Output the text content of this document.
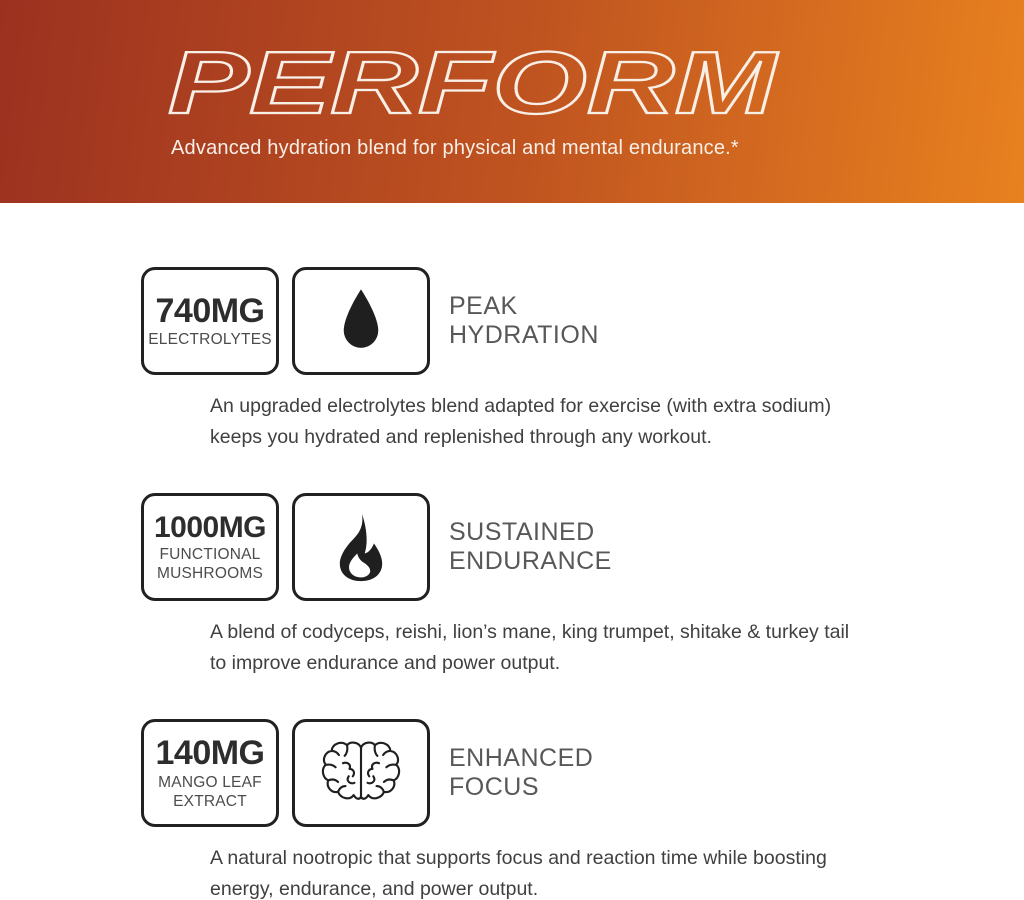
PERFORM

Advanced hydration blend for physical and mental endurance.*

740MG
ELECTROLYTES
PEAK
HYDRATION

An upgraded electrolytes blend adapted for exercise (with extra sodium) keeps you hydrated and replenished through any workout.

1000MG
FUNCTIONAL
MUSHROOMS
SUSTAINED
ENDURANCE

A blend of codyceps, reishi, lion’s mane, king trumpet, shitake & turkey tail to improve endurance and power output.

140MG
MANGO LEAF
EXTRACT
ENHANCED
FOCUS

A natural nootropic that supports focus and reaction time while boosting energy, endurance, and power output.
